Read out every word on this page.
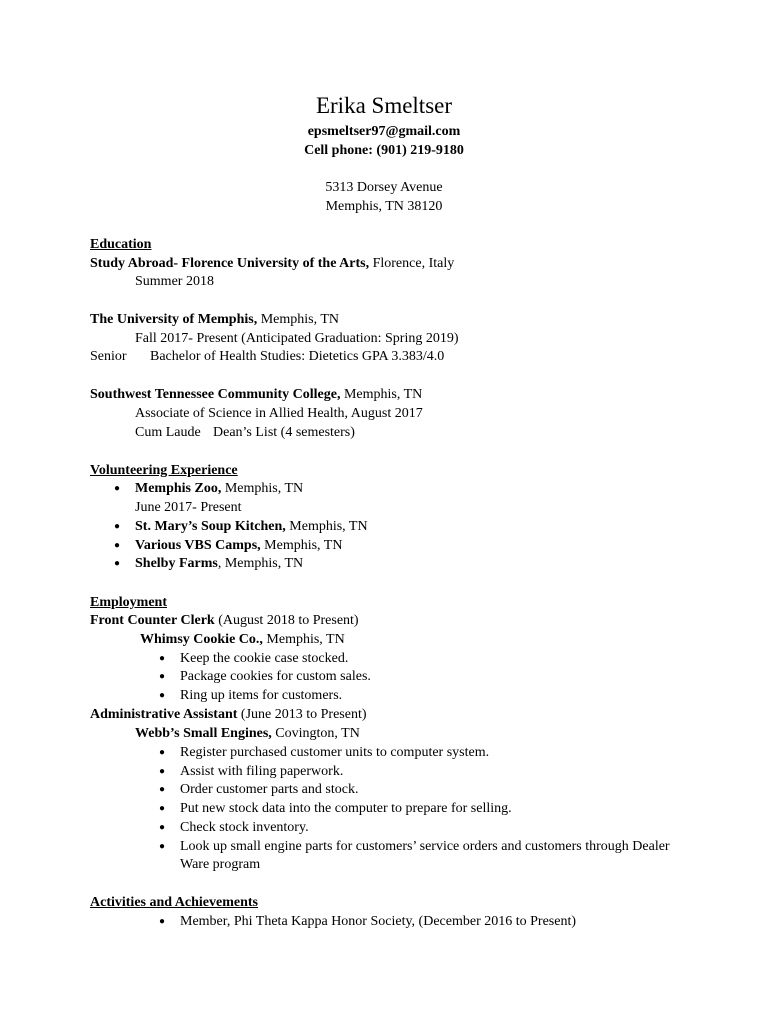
Erika Smeltser
epsmeltser97@gmail.com
Cell phone: (901) 219-9180
5313 Dorsey Avenue
Memphis, TN 38120
Education
Study Abroad- Florence University of the Arts, Florence, Italy
Summer 2018
The University of Memphis, Memphis, TN
Fall 2017- Present (Anticipated Graduation: Spring 2019)
Senior Bachelor of Health Studies: Dietetics GPA 3.383/4.0
Southwest Tennessee Community College, Memphis, TN
Associate of Science in Allied Health, August 2017
Cum Laude Dean’s List (4 semesters)
Volunteering Experience
● Memphis Zoo, Memphis, TN
June 2017- Present
● St. Mary’s Soup Kitchen, Memphis, TN
● Various VBS Camps, Memphis, TN
● Shelby Farms, Memphis, TN
Employment
Front Counter Clerk (August 2018 to Present)
Whimsy Cookie Co., Memphis, TN
● Keep the cookie case stocked.
● Package cookies for custom sales.
● Ring up items for customers.
Administrative Assistant (June 2013 to Present)
Webb’s Small Engines, Covington, TN
● Register purchased customer units to computer system.
● Assist with filing paperwork.
● Order customer parts and stock.
● Put new stock data into the computer to prepare for selling.
● Check stock inventory.
● Look up small engine parts for customers’ service orders and customers through Dealer
Ware program
Activities and Achievements
● Member, Phi Theta Kappa Honor Society, (December 2016 to Present)
